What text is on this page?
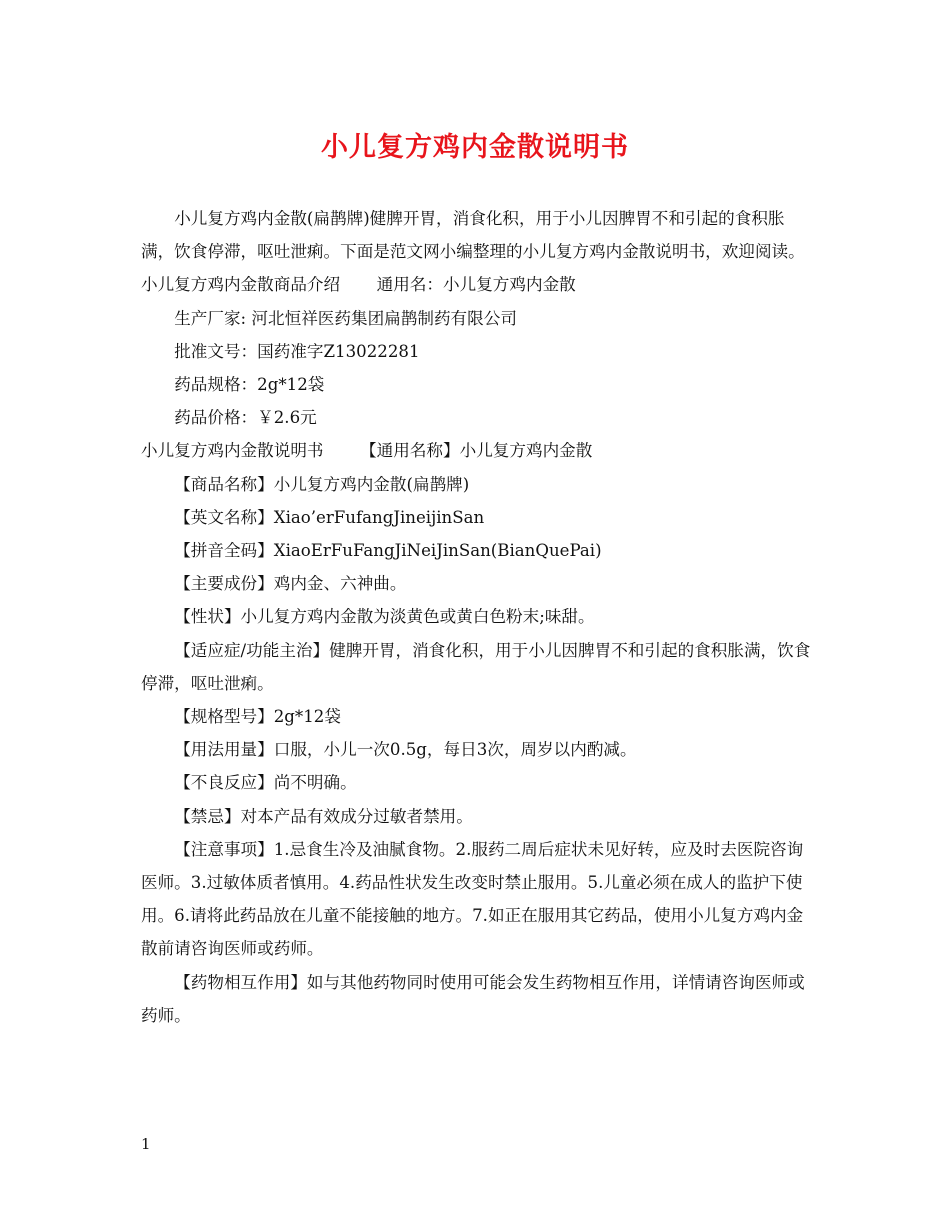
小儿复方鸡内金散说明书

小儿复方鸡内金散(扁鹊牌)健脾开胃，消食化积，用于小儿因脾胃不和引起的食积胀满，饮食停滞，呕吐泄痢。下面是范文网小编整理的小儿复方鸡内金散说明书，欢迎阅读。

小儿复方鸡内金散商品介绍 通用名：小儿复方鸡内金散

生产厂家: 河北恒祥医药集团扁鹊制药有限公司

批准文号：国药准字Z13022281

药品规格：2g*12袋

药品价格：￥2.6元

小儿复方鸡内金散说明书 【通用名称】小儿复方鸡内金散

【商品名称】小儿复方鸡内金散(扁鹊牌)

【英文名称】Xiao’erFufangJineijinSan

【拼音全码】XiaoErFuFangJiNeiJinSan(BianQuePai)

【主要成份】鸡内金、六神曲。

【性状】小儿复方鸡内金散为淡黄色或黄白色粉末;味甜。

【适应症/功能主治】健脾开胃，消食化积，用于小儿因脾胃不和引起的食积胀满，饮食停滞，呕吐泄痢。

【规格型号】2g*12袋

【用法用量】口服，小儿一次0.5g，每日3次，周岁以内酌减。

【不良反应】尚不明确。

【禁忌】对本产品有效成分过敏者禁用。

【注意事项】1.忌食生冷及油腻食物。2.服药二周后症状未见好转，应及时去医院咨询医师。3.过敏体质者慎用。4.药品性状发生改变时禁止服用。5.儿童必须在成人的监护下使用。6.请将此药品放在儿童不能接触的地方。7.如正在服用其它药品，使用小儿复方鸡内金散前请咨询医师或药师。

【药物相互作用】如与其他药物同时使用可能会发生药物相互作用，详情请咨询医师或药师。

1
